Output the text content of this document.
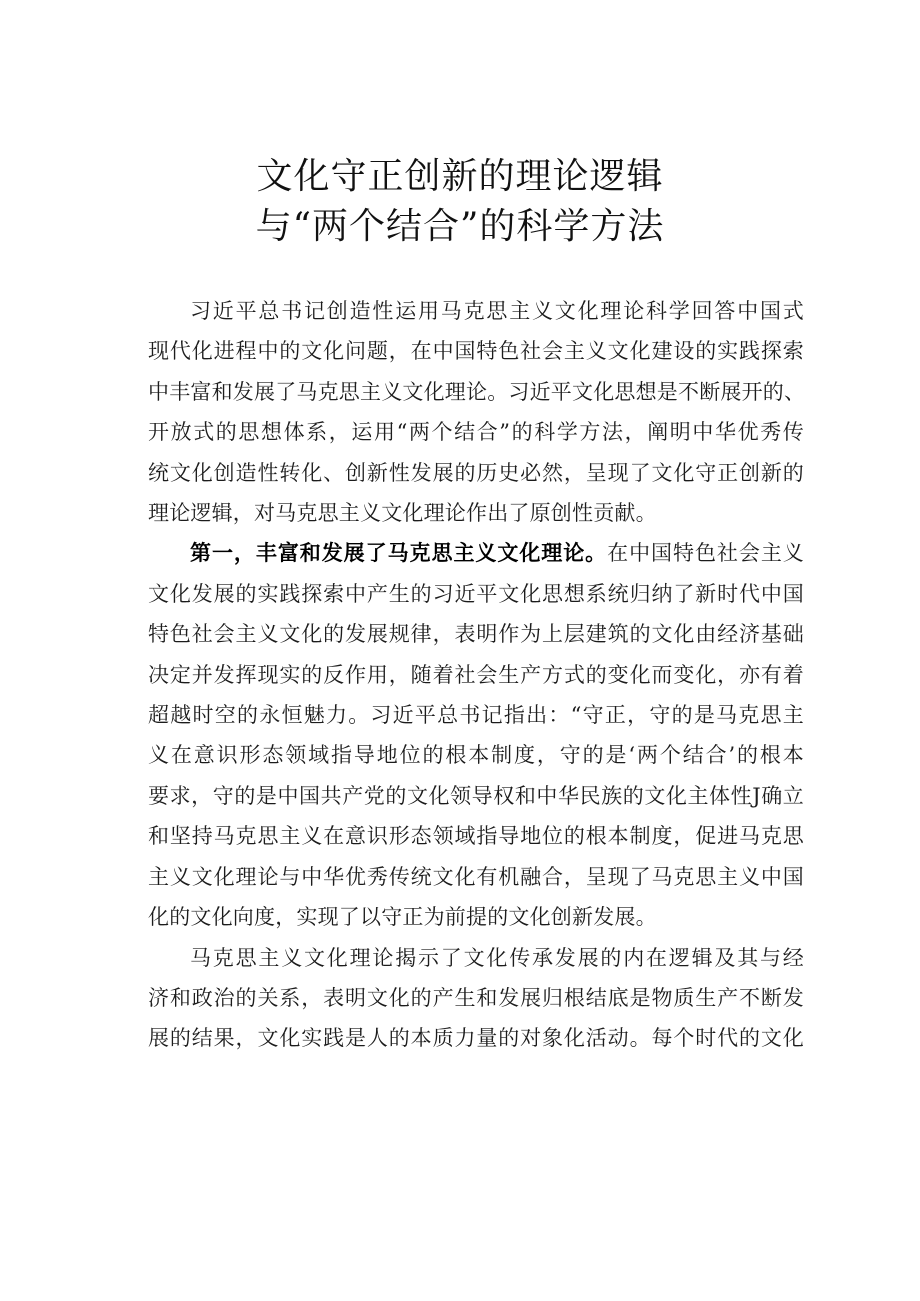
文化守正创新的理论逻辑
与“两个结合”的科学方法

习近平总书记创造性运用马克思主义文化理论科学回答中国式
现代化进程中的文化问题，在中国特色社会主义文化建设的实践探索
中丰富和发展了马克思主义文化理论。习近平文化思想是不断展开的、
开放式的思想体系，运用“两个结合”的科学方法，阐明中华优秀传
统文化创造性转化、创新性发展的历史必然，呈现了文化守正创新的
理论逻辑，对马克思主义文化理论作出了原创性贡献。

第一，丰富和发展了马克思主义文化理论。在中国特色社会主义
文化发展的实践探索中产生的习近平文化思想系统归纳了新时代中国
特色社会主义文化的发展规律，表明作为上层建筑的文化由经济基础
决定并发挥现实的反作用，随着社会生产方式的变化而变化，亦有着
超越时空的永恒魅力。习近平总书记指出：“守正，守的是马克思主
义在意识形态领域指导地位的根本制度，守的是‘两个结合’的根本
要求，守的是中国共产党的文化领导权和中华民族的文化主体性J确立
和坚持马克思主义在意识形态领域指导地位的根本制度，促进马克思
主义文化理论与中华优秀传统文化有机融合，呈现了马克思主义中国
化的文化向度，实现了以守正为前提的文化创新发展。

马克思主义文化理论揭示了文化传承发展的内在逻辑及其与经
济和政治的关系，表明文化的产生和发展归根结底是物质生产不断发
展的结果，文化实践是人的本质力量的对象化活动。每个时代的文化
